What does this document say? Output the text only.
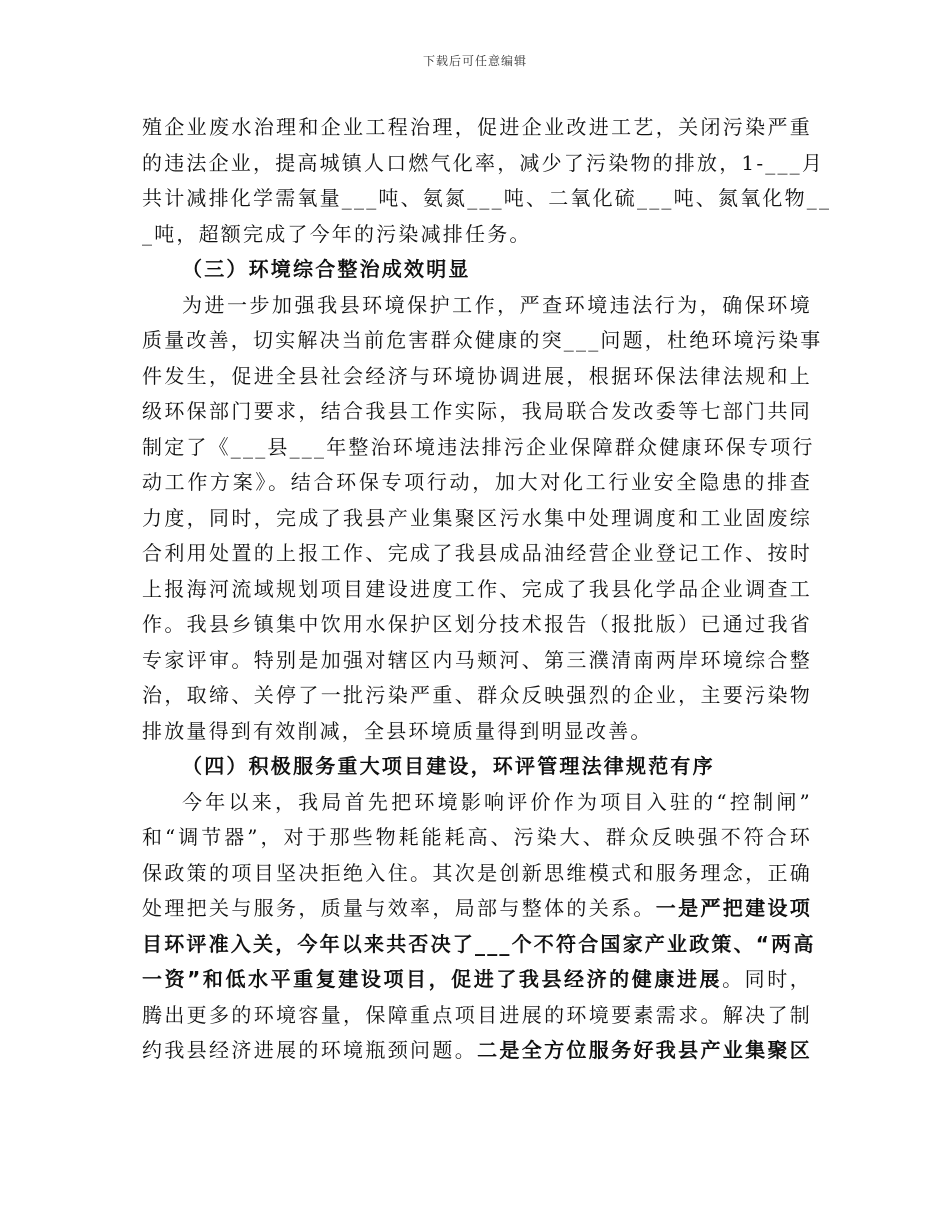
下载后可任意编辑
殖企业废水治理和企业工程治理，促进企业改进工艺，关闭污染严重
的违法企业，提高城镇人口燃气化率，减少了污染物的排放，1-___月
共计减排化学需氧量___吨、氨氮___吨、二氧化硫___吨、氮氧化物__
_吨，超额完成了今年的污染减排任务。
（三）环境综合整治成效明显
为进一步加强我县环境保护工作，严查环境违法行为，确保环境
质量改善，切实解决当前危害群众健康的突___问题，杜绝环境污染事
件发生，促进全县社会经济与环境协调进展，根据环保法律法规和上
级环保部门要求，结合我县工作实际，我局联合发改委等七部门共同
制定了《___县___年整治环境违法排污企业保障群众健康环保专项行
动工作方案》。结合环保专项行动，加大对化工行业安全隐患的排查
力度，同时，完成了我县产业集聚区污水集中处理调度和工业固废综
合利用处置的上报工作、完成了我县成品油经营企业登记工作、按时
上报海河流域规划项目建设进度工作、完成了我县化学品企业调查工
作。我县乡镇集中饮用水保护区划分技术报告（报批版）已通过我省
专家评审。特别是加强对辖区内马颊河、第三濮清南两岸环境综合整
治，取缔、关停了一批污染严重、群众反映强烈的企业，主要污染物
排放量得到有效削减，全县环境质量得到明显改善。
（四）积极服务重大项目建设，环评管理法律规范有序
今年以来，我局首先把环境影响评价作为项目入驻的“控制闸”
和“调节器”，对于那些物耗能耗高、污染大、群众反映强不符合环
保政策的项目坚决拒绝入住。其次是创新思维模式和服务理念，正确
处理把关与服务，质量与效率，局部与整体的关系。一是严把建设项
目环评准入关，今年以来共否决了___个不符合国家产业政策、“两高
一资”和低水平重复建设项目，促进了我县经济的健康进展。同时，
腾出更多的环境容量，保障重点项目进展的环境要素需求。解决了制
约我县经济进展的环境瓶颈问题。二是全方位服务好我县产业集聚区
